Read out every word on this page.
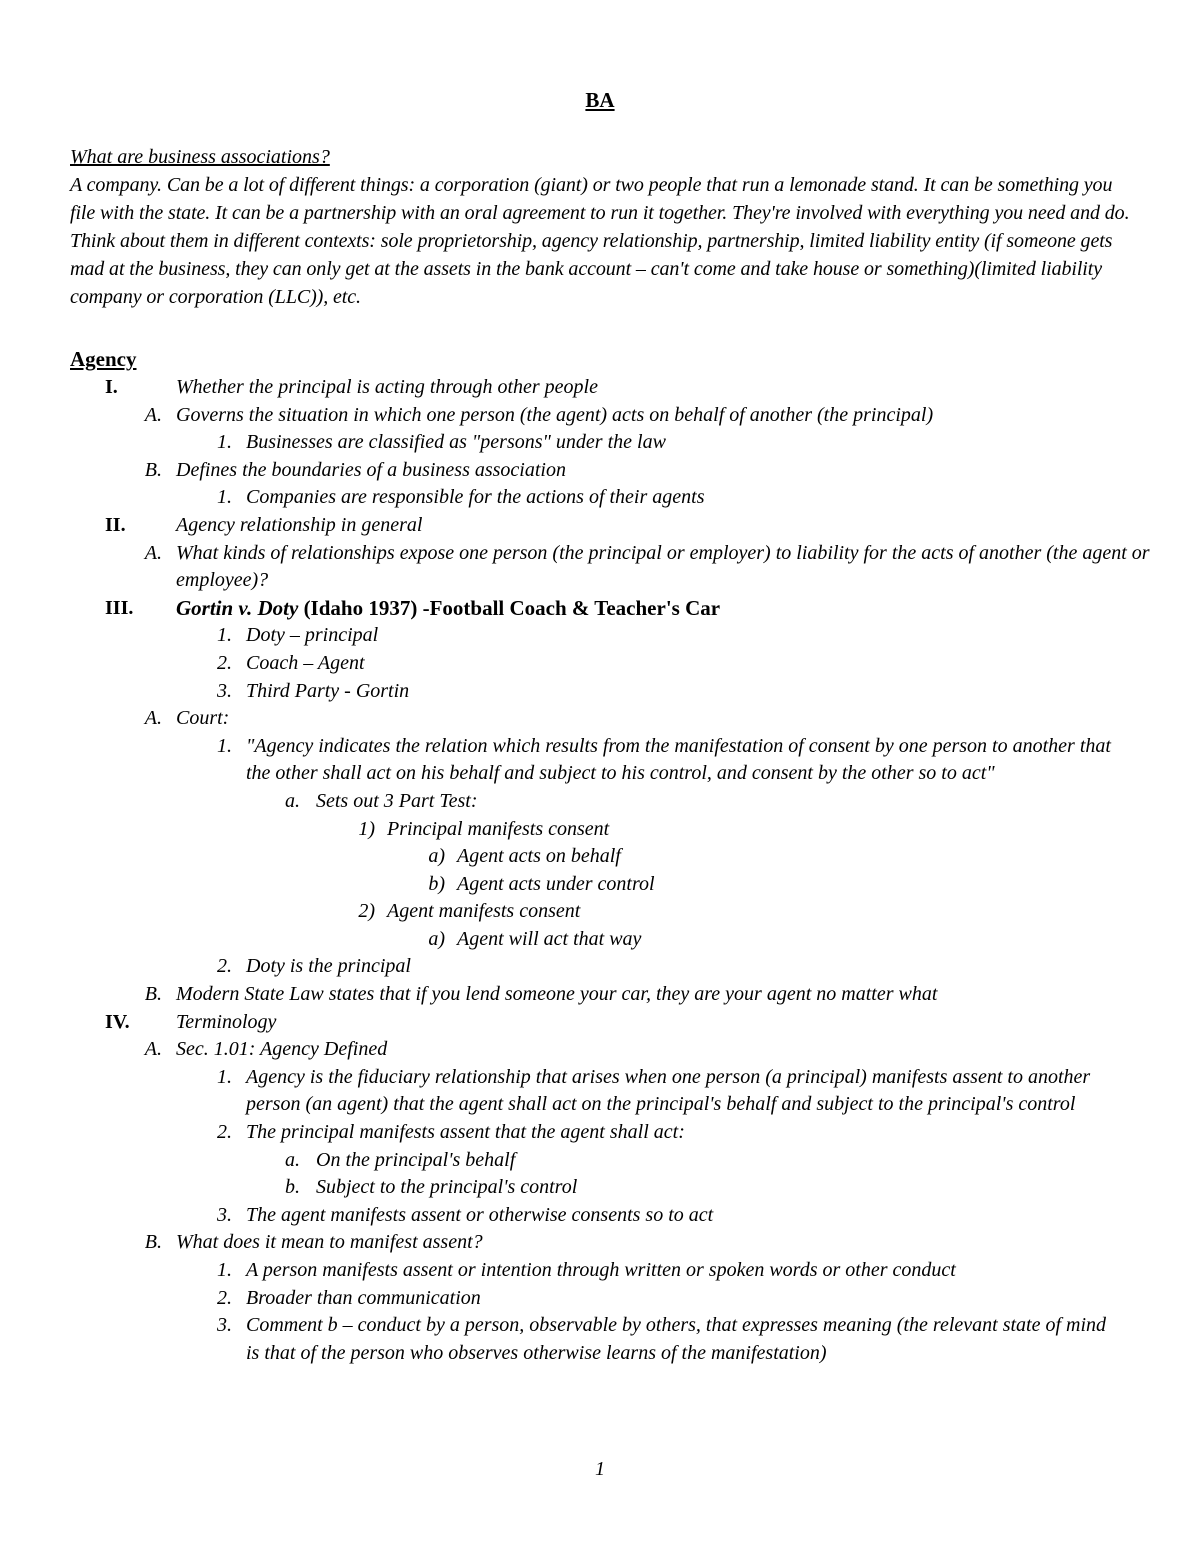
BA
What are business associations?
A company. Can be a lot of different things: a corporation (giant) or two people that run a lemonade stand. It can be something you file with the state. It can be a partnership with an oral agreement to run it together. They're involved with everything you need and do. Think about them in different contexts: sole proprietorship, agency relationship, partnership, limited liability entity (if someone gets mad at the business, they can only get at the assets in the bank account – can't come and take house or something)(limited liability company or corporation (LLC)), etc.
Agency
I.	Whether the principal is acting through other people
A. Governs the situation in which one person (the agent) acts on behalf of another (the principal)
1. Businesses are classified as "persons" under the law
B. Defines the boundaries of a business association
1. Companies are responsible for the actions of their agents
II.	Agency relationship in general
A. What kinds of relationships expose one person (the principal or employer) to liability for the acts of another (the agent or employee)?
III. Gortin v. Doty (Idaho 1937) -Football Coach & Teacher's Car
1. Doty – principal
2. Coach – Agent
3. Third Party - Gortin
A. Court:
1. "Agency indicates the relation which results from the manifestation of consent by one person to another that the other shall act on his behalf and subject to his control, and consent by the other so to act"
a. Sets out 3 Part Test:
1) Principal manifests consent
a) Agent acts on behalf
b) Agent acts under control
2) Agent manifests consent
a) Agent will act that way
2. Doty is the principal
B. Modern State Law states that if you lend someone your car, they are your agent no matter what
IV. Terminology
A. Sec. 1.01: Agency Defined
1. Agency is the fiduciary relationship that arises when one person (a principal) manifests assent to another person (an agent) that the agent shall act on the principal's behalf and subject to the principal's control
2. The principal manifests assent that the agent shall act:
a. On the principal's behalf
b. Subject to the principal's control
3. The agent manifests assent or otherwise consents so to act
B. What does it mean to manifest assent?
1. A person manifests assent or intention through written or spoken words or other conduct
2. Broader than communication
3. Comment b – conduct by a person, observable by others, that expresses meaning (the relevant state of mind is that of the person who observes otherwise learns of the manifestation)
1
